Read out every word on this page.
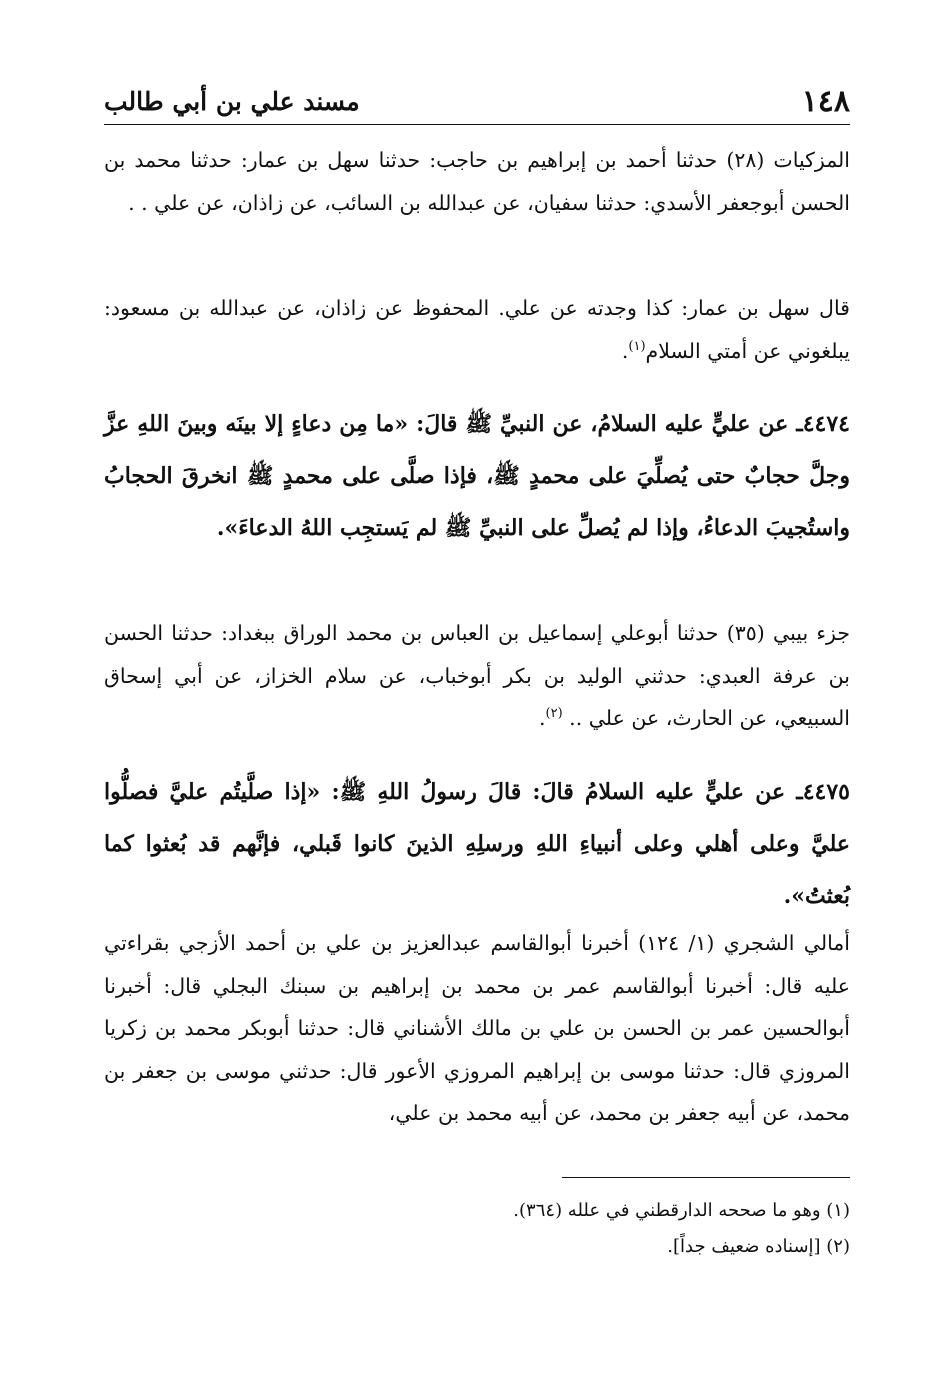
١٤٨
مسند علي بن أبي طالب

المزكيات (٢٨) حدثنا أحمد بن إبراهيم بن حاجب: حدثنا سهل بن عمار: حدثنا محمد بن الحسن أبوجعفر الأسدي: حدثنا سفيان، عن عبدالله بن السائب، عن زاذان، عن علي . .

قال سهل بن عمار: كذا وجدته عن علي. المحفوظ عن زاذان، عن عبدالله بن مسعود: يبلغوني عن أمتي السلام$^{(١)}$.

٤٤٧٤ـ عن عليٍّ عليه السلامُ، عن النبيِّ ﷺ قالَ: «ما مِن دعاءٍ إلا بينَه وبينَ اللهِ عزَّ وجلَّ حجابٌ حتى يُصلِّيَ على محمدٍ ﷺ، فإذا صلَّى على محمدٍ ﷺ انخرقَ الحجابُ واستُجيبَ الدعاءُ، وإذا لم يُصلِّ على النبيِّ ﷺ لم يَستجِب اللهُ الدعاءَ».

جزء بيبي (٣٥) حدثنا أبوعلي إسماعيل بن العباس بن محمد الوراق ببغداد: حدثنا الحسن بن عرفة العبدي: حدثني الوليد بن بكر أبوخباب، عن سلام الخزاز، عن أبي إسحاق السبيعي، عن الحارث، عن علي .. $^{(٢)}$.

٤٤٧٥ـ عن عليٍّ عليه السلامُ قالَ: قالَ رسولُ اللهِ ﷺ: «إذا صلَّيتُم عليَّ فصلُّوا عليَّ وعلى أهلي وعلى أنبياءِ اللهِ ورسلِهِ الذينَ كانوا قَبلي، فإنَّهم قد بُعثوا كما بُعثتُ».

أمالي الشجري (١/ ١٢٤) أخبرنا أبوالقاسم عبدالعزيز بن علي بن أحمد الأزجي بقراءتي عليه قال: أخبرنا أبوالقاسم عمر بن محمد بن إبراهيم بن سبنك البجلي قال: أخبرنا أبوالحسين عمر بن الحسن بن علي بن مالك الأشناني قال: حدثنا أبوبكر محمد بن زكريا المروزي قال: حدثنا موسى بن إبراهيم المروزي الأعور قال: حدثني موسى بن جعفر بن محمد، عن أبيه جعفر بن محمد، عن أبيه محمد بن علي،

(١) وهو ما صححه الدارقطني في علله (٣٦٤).

(٢) [إسناده ضعيف جداً].
